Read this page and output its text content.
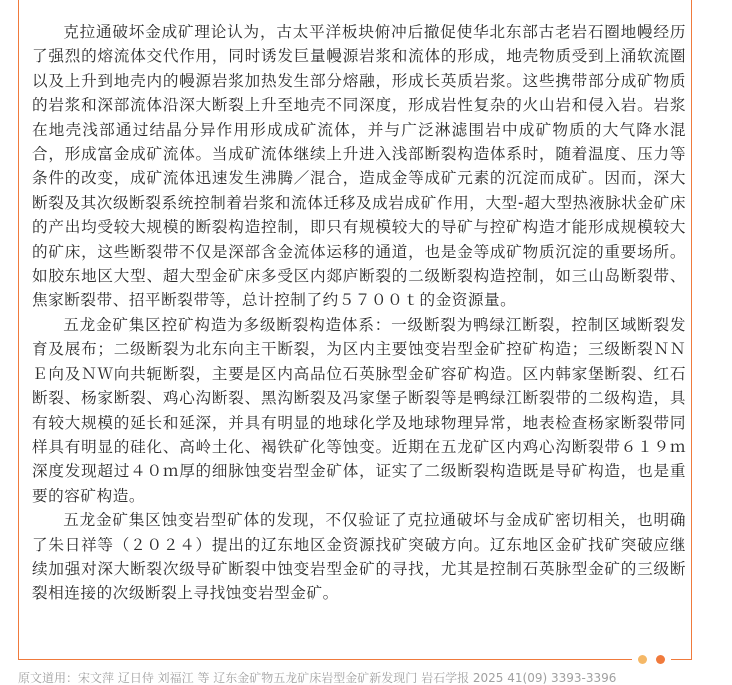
克拉通破坏金成矿理论认为，古太平洋板块俯冲后撤促使华北东部古老岩石圈地幔经历了强烈的熔流体交代作用，同时诱发巨量幔源岩浆和流体的形成，地壳物质受到上涌软流圈以及上升到地壳内的幔源岩浆加热发生部分熔融，形成长英质岩浆。这些携带部分成矿物质的岩浆和深部流体沿深大断裂上升至地壳不同深度，形成岩性复杂的火山岩和侵入岩。岩浆在地壳浅部通过结晶分异作用形成成矿流体，并与广泛淋滤围岩中成矿物质的大气降水混合，形成富金成矿流体。当成矿流体继续上升进入浅部断裂构造体系时，随着温度、压力等条件的改变，成矿流体迅速发生沸腾／混合，造成金等成矿元素的沉淀而成矿。因而，深大断裂及其次级断裂系统控制着岩浆和流体迁移及成岩成矿作用，大型-超大型热液脉状金矿床的产出均受较大规模的断裂构造控制，即只有规模较大的导矿与控矿构造才能形成规模较大的矿床，这些断裂带不仅是深部含金流体运移的通道，也是金等成矿物质沉淀的重要场所。如胶东地区大型、超大型金矿床多受区内郯庐断裂的二级断裂构造控制，如三山岛断裂带、焦家断裂带、招平断裂带等，总计控制了约５７００ｔ的金资源量。

五龙金矿集区控矿构造为多级断裂构造体系：一级断裂为鸭绿江断裂，控制区域断裂发育及展布；二级断裂为北东向主干断裂，为区内主要蚀变岩型金矿控矿构造；三级断裂ＮＮＥ向及ＮＷ向共轭断裂，主要是区内高品位石英脉型金矿容矿构造。区内韩家堡断裂、红石断裂、杨家断裂、鸡心沟断裂、黑沟断裂及冯家堡子断裂等是鸭绿江断裂带的二级构造，具有较大规模的延长和延深，并具有明显的地球化学及地球物理异常，地表检查杨家断裂带同样具有明显的硅化、高岭土化、褐铁矿化等蚀变。近期在五龙矿区内鸡心沟断裂带６１９ｍ深度发现超过４０ｍ厚的细脉蚀变岩型金矿体，证实了二级断裂构造既是导矿构造，也是重要的容矿构造。

五龙金矿集区蚀变岩型矿体的发现，不仅验证了克拉通破坏与金成矿密切相关，也明确了朱日祥等（２０２４）提出的辽东地区金资源找矿突破方向。辽东地区金矿找矿突破应继续加强对深大断裂次级导矿断裂中蚀变岩型金矿的寻找，尤其是控制石英脉型金矿的三级断裂相连接的次级断裂上寻找蚀变岩型金矿。

原文道用：宋文萍 辽日侍 刘福江 等 辽东金矿物五龙矿床岩型金矿新发现门 岩石学报 2025 41(09) 3393-3396
